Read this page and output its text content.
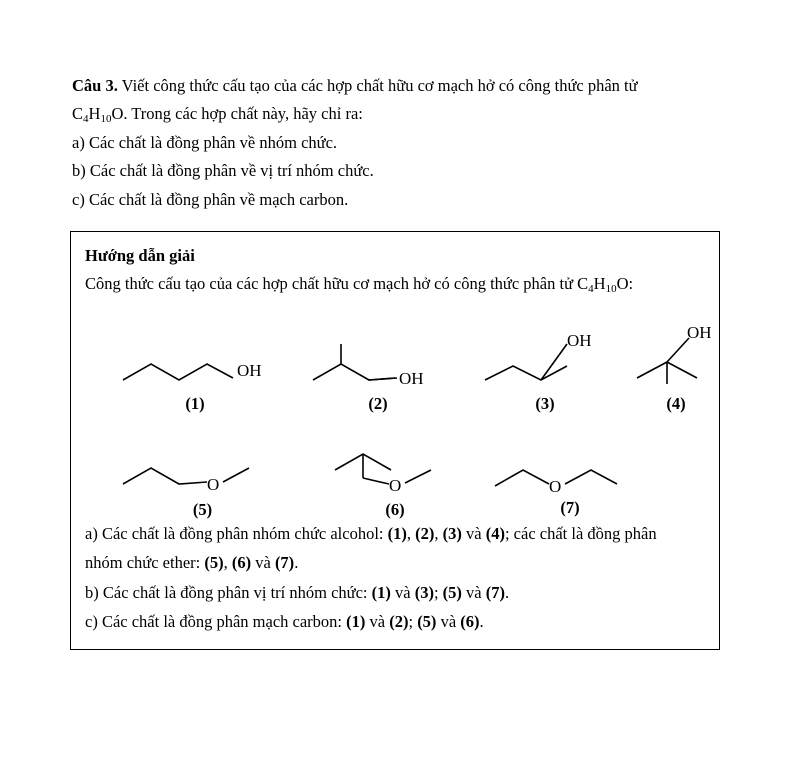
Câu 3. Viết công thức cấu tạo của các hợp chất hữu cơ mạch hở có công thức phân tử
$C_4H_{10}O$. Trong các hợp chất này, hãy chỉ ra:
a) Các chất là đồng phân về nhóm chức.
b) Các chất là đồng phân về vị trí nhóm chức.
c) Các chất là đồng phân về mạch carbon.
Hướng dẫn giải
Công thức cấu tạo của các hợp chất hữu cơ mạch hở có công thức phân tử $C_4H_{10}O$:
OH
(1)
OH
(2)
OH
(3)
OH
(4)
O
(5)
O
(6)
O
(7)
a) Các chất là đồng phân nhóm chức alcohol: (1), (2), (3) và (4); các chất là đồng phân
nhóm chức ether: (5), (6) và (7).
b) Các chất là đồng phân vị trí nhóm chức: (1) và (3); (5) và (7).
c) Các chất là đồng phân mạch carbon: (1) và (2); (5) và (6).
